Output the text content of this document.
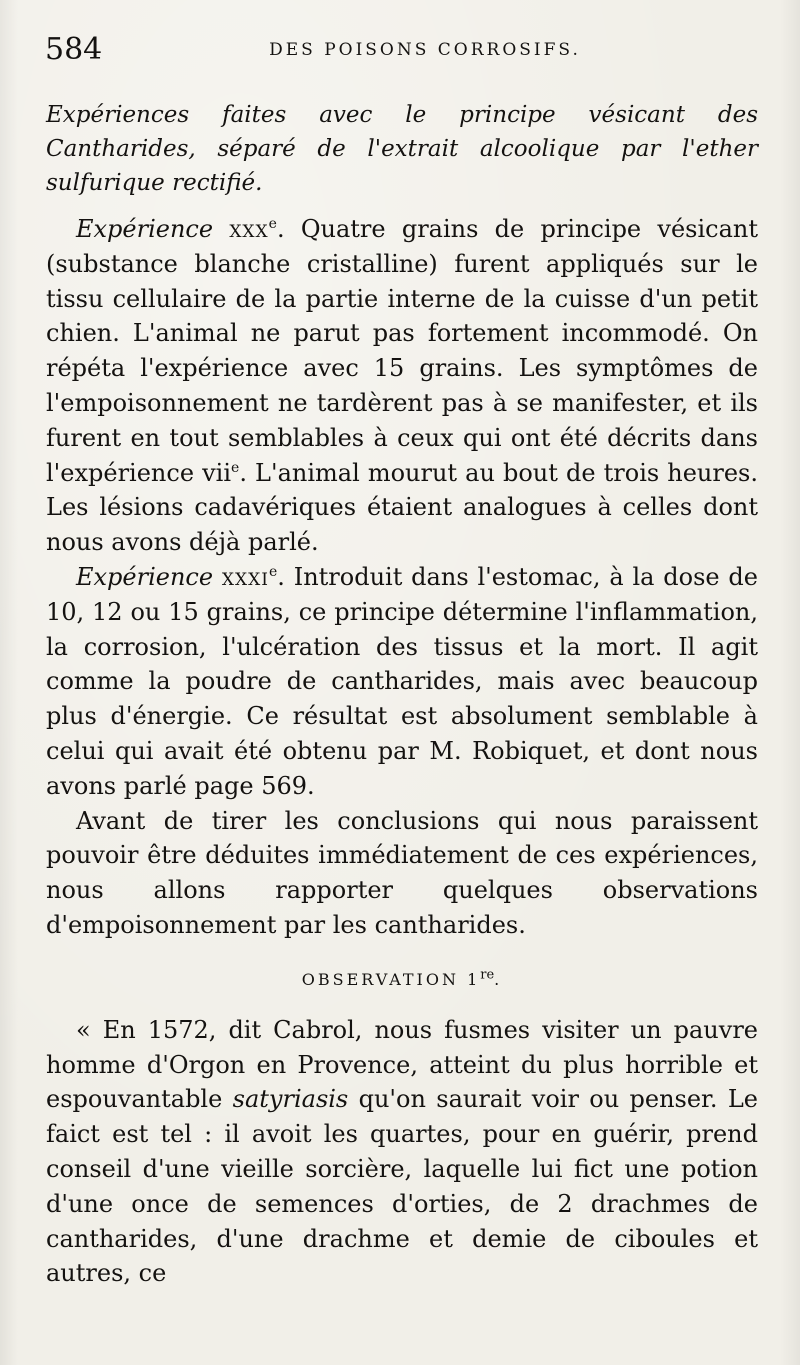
584	DES POISONS CORROSIFS.

Expériences faites avec le principe vésicant des Cantharides, séparé de l'extrait alcoolique par l'ether sulfurique rectifié.

Expérience xxx$^e$. Quatre grains de principe vésicant (substance blanche cristalline) furent appliqués sur le tissu cellulaire de la partie interne de la cuisse d'un petit chien. L'animal ne parut pas fortement incommodé. On répéta l'expérience avec 15 grains. Les symptômes de l'empoisonnement ne tardèrent pas à se manifester, et ils furent en tout semblables à ceux qui ont été décrits dans l'expérience vii$^e$. L'animal mourut au bout de trois heures. Les lésions cadavériques étaient analogues à celles dont nous avons déjà parlé.

Expérience xxxi$^e$. Introduit dans l'estomac, à la dose de 10, 12 ou 15 grains, ce principe détermine l'inflammation, la corrosion, l'ulcération des tissus et la mort. Il agit comme la poudre de cantharides, mais avec beaucoup plus d'énergie. Ce résultat est absolument semblable à celui qui avait été obtenu par M. Robiquet, et dont nous avons parlé page 569.

Avant de tirer les conclusions qui nous paraissent pouvoir être déduites immédiatement de ces expériences, nous allons rapporter quelques observations d'empoisonnement par les cantharides.

OBSERVATION 1re.

« En 1572, dit Cabrol, nous fusmes visiter un pauvre homme d'Orgon en Provence, atteint du plus horrible et espouvantable satyriasis qu'on saurait voir ou penser. Le faict est tel : il avoit les quartes, pour en guérir, prend conseil d'une vieille sorcière, laquelle lui fict une potion d'une once de semences d'orties, de 2 drachmes de cantharides, d'une drachme et demie de ciboules et autres, ce
